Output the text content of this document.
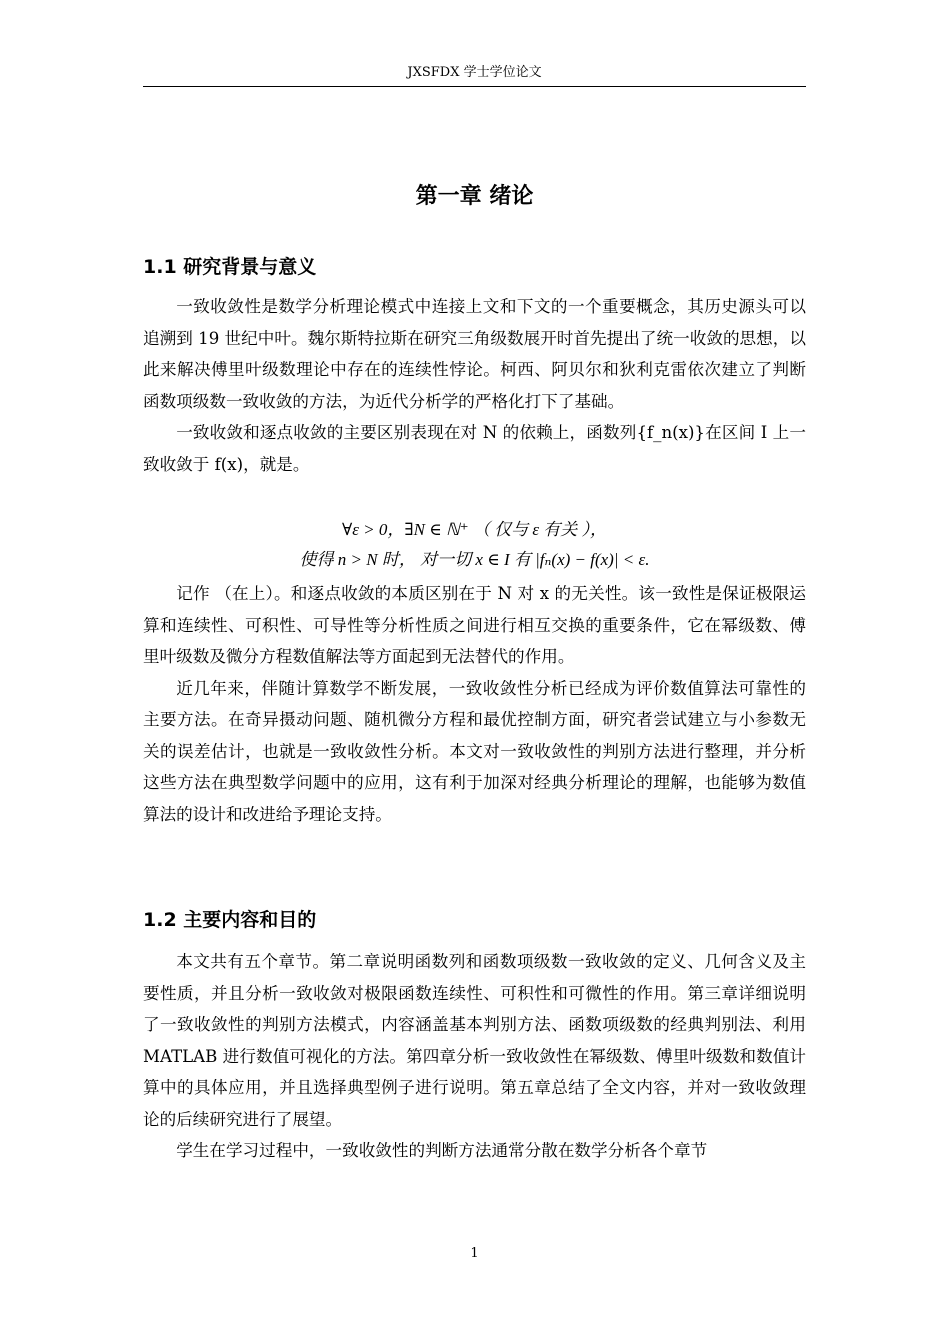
JXSFDX 学士学位论文
第一章 绪论
1.1 研究背景与意义

一致收敛性是数学分析理论模式中连接上文和下文的一个重要概念，其历史源头可以追溯到 19 世纪中叶。魏尔斯特拉斯在研究三角级数展开时首先提出了统一收敛的思想，以此来解决傅里叶级数理论中存在的连续性悖论。柯西、阿贝尔和狄利克雷依次建立了判断函数项级数一致收敛的方法，为近代分析学的严格化打下了基础。

一致收敛和逐点收敛的主要区别表现在对 N 的依赖上，函数列{f_n(x)}在区间 I 上一致收敛于 f(x)，就是。

∀ε > 0，∃N ∈ ℕ⁺ （ 仅与 ε 有关 ），
使得 n > N 时， 对一切 x ∈ I 有 |fₙ(x) − f(x)| < ε.

记作 （在上）。和逐点收敛的本质区别在于 N 对 x 的无关性。该一致性是保证极限运算和连续性、可积性、可导性等分析性质之间进行相互交换的重要条件，它在幂级数、傅里叶级数及微分方程数值解法等方面起到无法替代的作用。

近几年来，伴随计算数学不断发展，一致收敛性分析已经成为评价数值算法可靠性的主要方法。在奇异摄动问题、随机微分方程和最优控制方面，研究者尝试建立与小参数无关的误差估计，也就是一致收敛性分析。本文对一致收敛性的判别方法进行整理，并分析这些方法在典型数学问题中的应用，这有利于加深对经典分析理论的理解，也能够为数值算法的设计和改进给予理论支持。

1.2 主要内容和目的

本文共有五个章节。第二章说明函数列和函数项级数一致收敛的定义、几何含义及主要性质，并且分析一致收敛对极限函数连续性、可积性和可微性的作用。第三章详细说明了一致收敛性的判别方法模式，内容涵盖基本判别方法、函数项级数的经典判别法、利用 MATLAB 进行数值可视化的方法。第四章分析一致收敛性在幂级数、傅里叶级数和数值计算中的具体应用，并且选择典型例子进行说明。第五章总结了全文内容，并对一致收敛理论的后续研究进行了展望。

学生在学习过程中，一致收敛性的判断方法通常分散在数学分析各个章节

1
